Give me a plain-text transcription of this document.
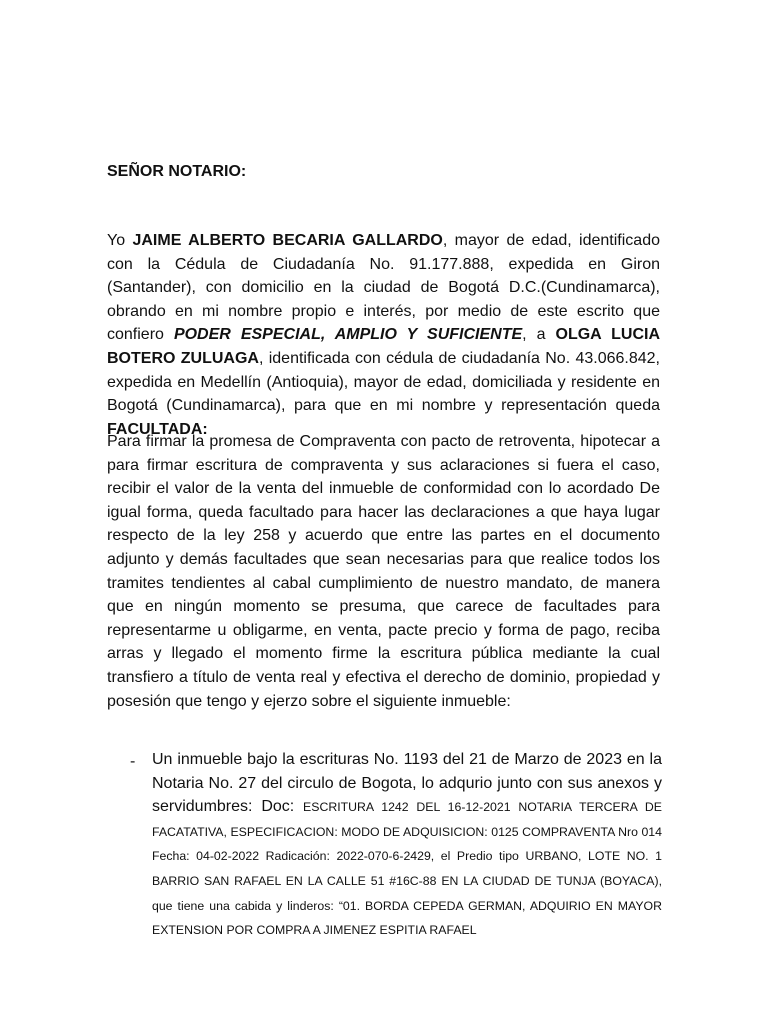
SEÑOR NOTARIO:

Yo JAIME ALBERTO BECARIA GALLARDO, mayor de edad, identificado con la Cédula de Ciudadanía No. 91.177.888, expedida en Giron (Santander), con domicilio en la ciudad de Bogotá D.C.(Cundinamarca), obrando en mi nombre propio e interés, por medio de este escrito que confiero PODER ESPECIAL, AMPLIO Y SUFICIENTE, a OLGA LUCIA BOTERO ZULUAGA, identificada con cédula de ciudadanía No. 43.066.842, expedida en Medellín (Antioquia), mayor de edad, domiciliada y residente en Bogotá (Cundinamarca), para que en mi nombre y representación queda FACULTADA:

Para firmar la promesa de Compraventa con pacto de retroventa, hipotecar a para firmar escritura de compraventa y sus aclaraciones si fuera el caso, recibir el valor de la venta del inmueble de conformidad con lo acordado De igual forma, queda facultado para hacer las declaraciones a que haya lugar respecto de la ley 258 y acuerdo que entre las partes en el documento adjunto y demás facultades que sean necesarias para que realice todos los tramites tendientes al cabal cumplimiento de nuestro mandato, de manera que en ningún momento se presuma, que carece de facultades para representarme u obligarme, en venta, pacte precio y forma de pago, reciba arras y llegado el momento firme la escritura pública mediante la cual transfiero a título de venta real y efectiva el derecho de dominio, propiedad y posesión que tengo y ejerzo sobre el siguiente inmueble:

- Un inmueble bajo la escrituras No. 1193 del 21 de Marzo de 2023 en la Notaria No. 27 del circulo de Bogota, lo adqurio junto con sus anexos y servidumbres: Doc: ESCRITURA 1242 DEL 16-12-2021 NOTARIA TERCERA DE FACATATIVA, ESPECIFICACION: MODO DE ADQUISICION: 0125 COMPRAVENTA Nro 014 Fecha: 04-02-2022 Radicación: 2022-070-6-2429, el Predio tipo URBANO, LOTE NO. 1 BARRIO SAN RAFAEL EN LA CALLE 51 #16C-88 EN LA CIUDAD DE TUNJA (BOYACA), que tiene una cabida y linderos: “01. BORDA CEPEDA GERMAN, ADQUIRIO EN MAYOR EXTENSION POR COMPRA A JIMENEZ ESPITIA RAFAEL
